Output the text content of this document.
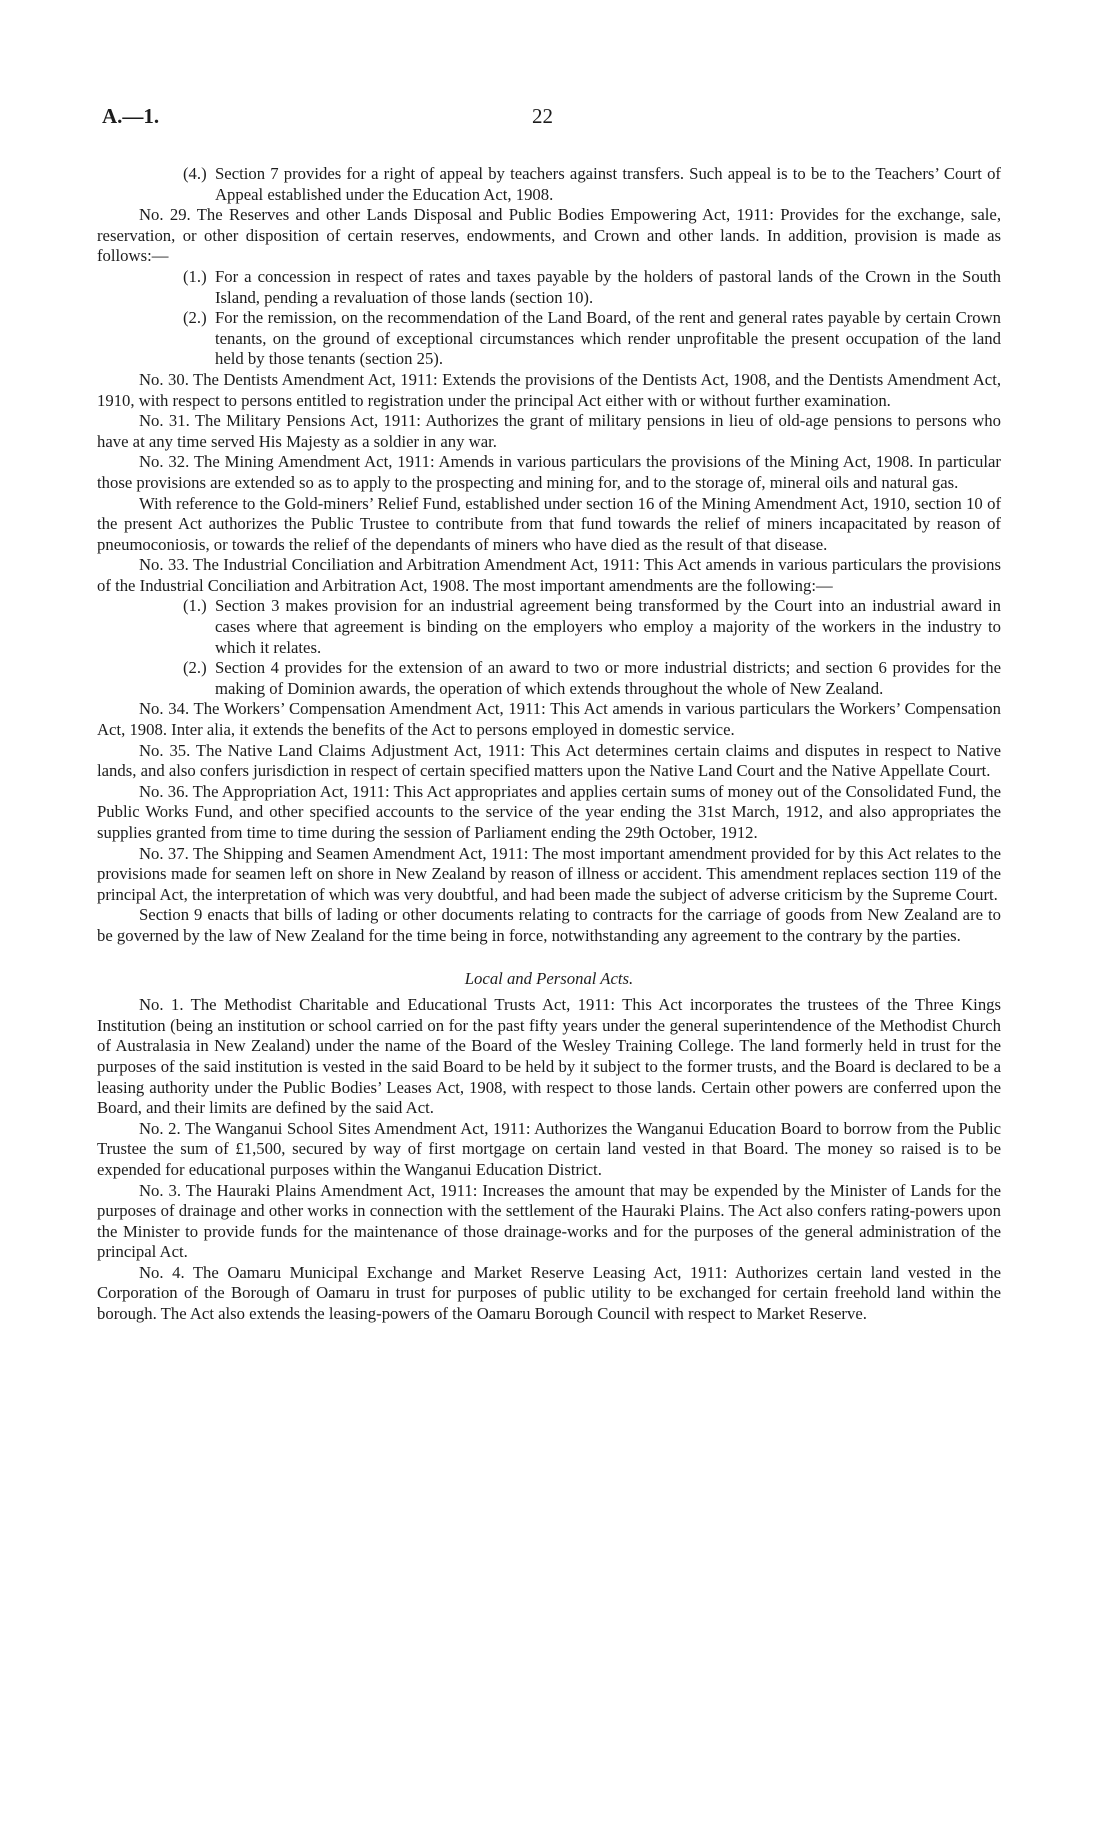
A.—1.	22

(4.) Section 7 provides for a right of appeal by teachers against transfers. Such appeal is to be to the Teachers’ Court of Appeal established under the Education Act, 1908.

No. 29. The Reserves and other Lands Disposal and Public Bodies Empowering Act, 1911: Provides for the exchange, sale, reservation, or other disposition of certain reserves, endowments, and Crown and other lands. In addition, provision is made as follows:—

(1.) For a concession in respect of rates and taxes payable by the holders of pastoral lands of the Crown in the South Island, pending a revaluation of those lands (section 10).

(2.) For the remission, on the recommendation of the Land Board, of the rent and general rates payable by certain Crown tenants, on the ground of exceptional circumstances which render unprofitable the present occupation of the land held by those tenants (section 25).

No. 30. The Dentists Amendment Act, 1911: Extends the provisions of the Dentists Act, 1908, and the Dentists Amendment Act, 1910, with respect to persons entitled to registration under the principal Act either with or without further examination.

No. 31. The Military Pensions Act, 1911: Authorizes the grant of military pensions in lieu of old-age pensions to persons who have at any time served His Majesty as a soldier in any war.

No. 32. The Mining Amendment Act, 1911: Amends in various particulars the provisions of the Mining Act, 1908. In particular those provisions are extended so as to apply to the prospecting and mining for, and to the storage of, mineral oils and natural gas.

With reference to the Gold-miners’ Relief Fund, established under section 16 of the Mining Amendment Act, 1910, section 10 of the present Act authorizes the Public Trustee to contribute from that fund towards the relief of miners incapacitated by reason of pneumoconiosis, or towards the relief of the dependants of miners who have died as the result of that disease.

No. 33. The Industrial Conciliation and Arbitration Amendment Act, 1911: This Act amends in various particulars the provisions of the Industrial Conciliation and Arbitration Act, 1908. The most important amendments are the following:—

(1.) Section 3 makes provision for an industrial agreement being transformed by the Court into an industrial award in cases where that agreement is binding on the employers who employ a majority of the workers in the industry to which it relates.

(2.) Section 4 provides for the extension of an award to two or more industrial districts; and section 6 provides for the making of Dominion awards, the operation of which extends throughout the whole of New Zealand.

No. 34. The Workers’ Compensation Amendment Act, 1911: This Act amends in various particulars the Workers’ Compensation Act, 1908. Inter alia, it extends the benefits of the Act to persons employed in domestic service.

No. 35. The Native Land Claims Adjustment Act, 1911: This Act determines certain claims and disputes in respect to Native lands, and also confers jurisdiction in respect of certain specified matters upon the Native Land Court and the Native Appellate Court.

No. 36. The Appropriation Act, 1911: This Act appropriates and applies certain sums of money out of the Consolidated Fund, the Public Works Fund, and other specified accounts to the service of the year ending the 31st March, 1912, and also appropriates the supplies granted from time to time during the session of Parliament ending the 29th October, 1912.

No. 37. The Shipping and Seamen Amendment Act, 1911: The most important amendment provided for by this Act relates to the provisions made for seamen left on shore in New Zealand by reason of illness or accident. This amendment replaces section 119 of the principal Act, the interpretation of which was very doubtful, and had been made the subject of adverse criticism by the Supreme Court.

Section 9 enacts that bills of lading or other documents relating to contracts for the carriage of goods from New Zealand are to be governed by the law of New Zealand for the time being in force, notwithstanding any agreement to the contrary by the parties.

Local and Personal Acts.

No. 1. The Methodist Charitable and Educational Trusts Act, 1911: This Act incorporates the trustees of the Three Kings Institution (being an institution or school carried on for the past fifty years under the general superintendence of the Methodist Church of Australasia in New Zealand) under the name of the Board of the Wesley Training College. The land formerly held in trust for the purposes of the said institution is vested in the said Board to be held by it subject to the former trusts, and the Board is declared to be a leasing authority under the Public Bodies’ Leases Act, 1908, with respect to those lands. Certain other powers are conferred upon the Board, and their limits are defined by the said Act.

No. 2. The Wanganui School Sites Amendment Act, 1911: Authorizes the Wanganui Education Board to borrow from the Public Trustee the sum of £1,500, secured by way of first mortgage on certain land vested in that Board. The money so raised is to be expended for educational purposes within the Wanganui Education District.

No. 3. The Hauraki Plains Amendment Act, 1911: Increases the amount that may be expended by the Minister of Lands for the purposes of drainage and other works in connection with the settlement of the Hauraki Plains. The Act also confers rating-powers upon the Minister to provide funds for the maintenance of those drainage-works and for the purposes of the general administration of the principal Act.

No. 4. The Oamaru Municipal Exchange and Market Reserve Leasing Act, 1911: Authorizes certain land vested in the Corporation of the Borough of Oamaru in trust for purposes of public utility to be exchanged for certain freehold land within the borough. The Act also extends the leasing-powers of the Oamaru Borough Council with respect to Market Reserve.
